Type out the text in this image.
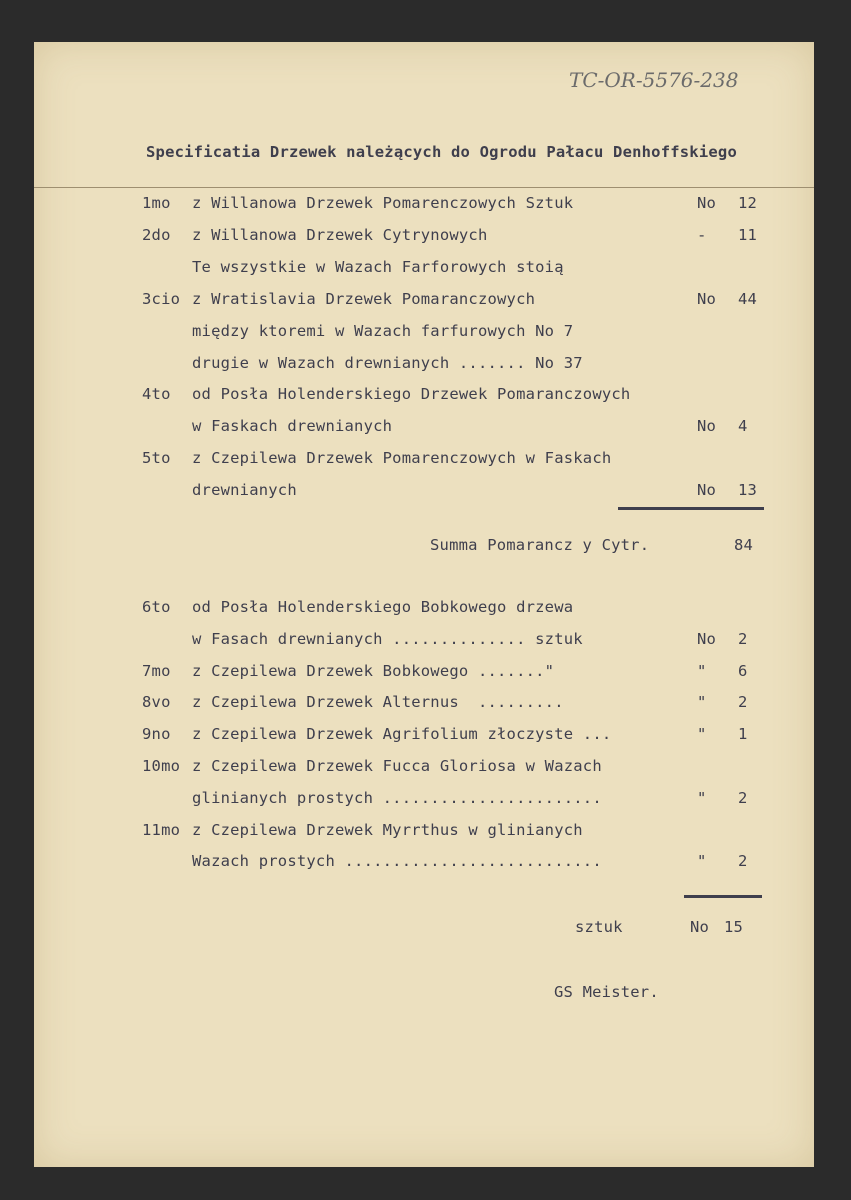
TC-OR-5576-238
Specificatia Drzewek należących do Ogrodu Pałacu Denhoffskiego
1mo z Willanowa Drzewek Pomarenczowych Sztuk	No 12
2do z Willanowa Drzewek Cytrynowych	- 11
Te wszystkie w Wazach Farforowych stoią
3cio z Wratislavia Drzewek Pomaranczowych	No 44
między ktoremi w Wazach farfurowych No 7
drugie w Wazach drewnianych ....... No 37
4to od Posła Holenderskiego Drzewek Pomaranczowych
w Faskach drewnianych	No 4
5to z Czepilewa Drzewek Pomarenczowych w Faskach
drewnianych	No 13
Summa Pomarancz y Cytr.	84
6to od Posła Holenderskiego Bobkowego drzewa
w Fasach drewnianych .............. sztuk	No 2
7mo z Czepilewa Drzewek Bobkowego ......."	" 6
8vo z Czepilewa Drzewek Alternus  .........	" 2
9no z Czepilewa Drzewek Agrifolium złoczyste ...	" 1
10mo z Czepilewa Drzewek Fucca Gloriosa w Wazach
glinianych prostych .......................	" 2
11mo z Czepilewa Drzewek Myrrthus w glinianych
Wazach prostych ...........................	" 2
sztuk	No 15
GS Meister.
